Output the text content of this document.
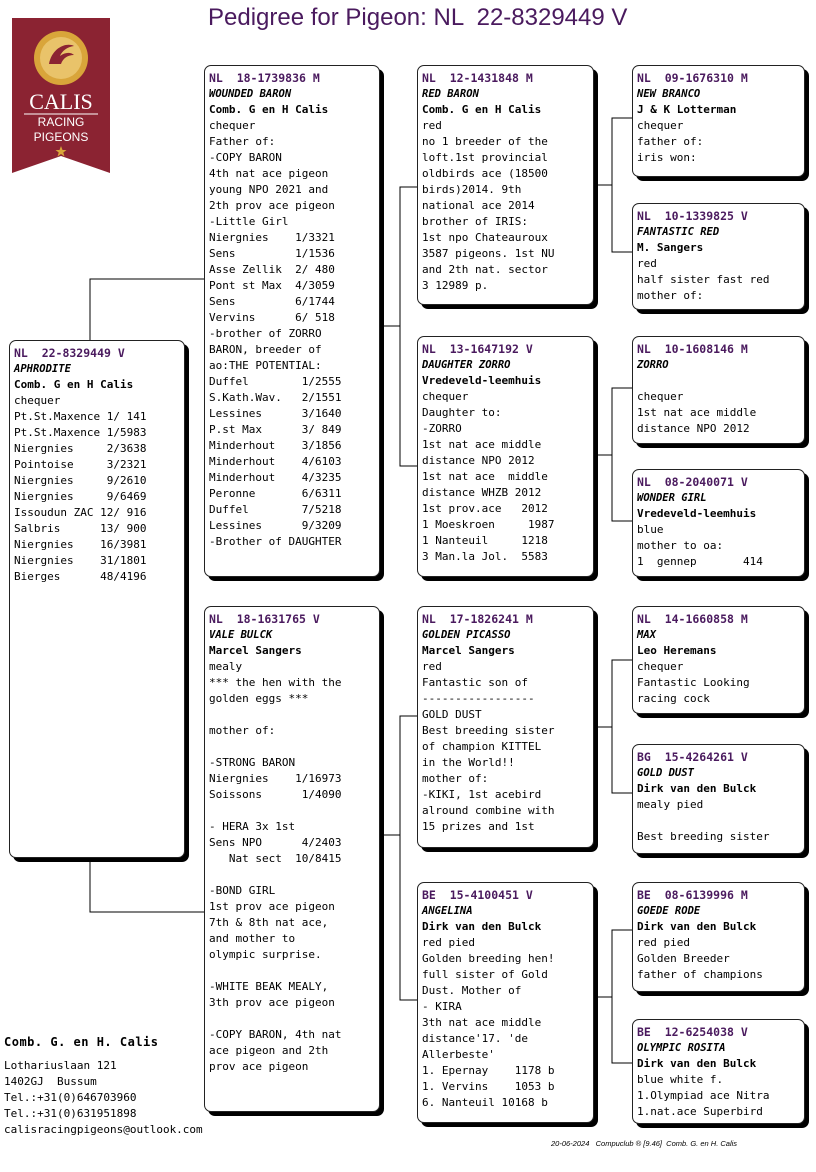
Pedigree for Pigeon: NL  22-8329449 V
CALIS
RACING
PIGEONS
NL  22-8329449 V
APHRODITE
Comb. G en H Calis
chequer
Pt.St.Maxence 1/ 141
Pt.St.Maxence 1/5983
Niergnies     2/3638
Pointoise     3/2321
Niergnies     9/2610
Niergnies     9/6469
Issoudun ZAC 12/ 916
Salbris      13/ 900
Niergnies    16/3981
Niergnies    31/1801
Bierges      48/4196
NL  18-1739836 M
WOUNDED BARON
Comb. G en H Calis
chequer
Father of:
-COPY BARON
4th nat ace pigeon
young NPO 2021 and
2th prov ace pigeon
-Little Girl
Niergnies    1/3321
Sens         1/1536
Asse Zellik  2/ 480
Pont st Max  4/3059
Sens         6/1744
Vervins      6/ 518
-brother of ZORRO
BARON, breeder of
ao:THE POTENTIAL:
Duffel        1/2555
S.Kath.Wav.   2/1551
Lessines      3/1640
P.st Max      3/ 849
Minderhout    3/1856
Minderhout    4/6103
Minderhout    4/3235
Peronne       6/6311
Duffel        7/5218
Lessines      9/3209
-Brother of DAUGHTER
NL  18-1631765 V
VALE BULCK
Marcel Sangers
mealy
*** the hen with the
golden eggs ***
mother of:
-STRONG BARON
Niergnies    1/16973
Soissons      1/4090
- HERA 3x 1st
Sens NPO      4/2403
Nat sect  10/8415
-BOND GIRL
1st prov ace pigeon
7th & 8th nat ace,
and mother to
olympic surprise.
-WHITE BEAK MEALY,
3th prov ace pigeon
-COPY BARON, 4th nat
ace pigeon and 2th
prov ace pigeon
NL  12-1431848 M
RED BARON
Comb. G en H Calis
red
no 1 breeder of the
loft.1st provincial
oldbirds ace (18500
birds)2014. 9th
national ace 2014
brother of IRIS:
1st npo Chateauroux
3587 pigeons. 1st NU
and 2th nat. sector
3 12989 p.
NL  13-1647192 V
DAUGHTER ZORRO
Vredeveld-leemhuis
chequer
Daughter to:
-ZORRO
1st nat ace middle
distance NPO 2012
1st nat ace  middle
distance WHZB 2012
1st prov.ace   2012
1 Moeskroen     1987
1 Nanteuil     1218
3 Man.la Jol.  5583
NL  17-1826241 M
GOLDEN PICASSO
Marcel Sangers
red
Fantastic son of
-----------------
GOLD DUST
Best breeding sister
of champion KITTEL
in the World!!
mother of:
-KIKI, 1st acebird
alround combine with
15 prizes and 1st
BE  15-4100451 V
ANGELINA
Dirk van den Bulck
red pied
Golden breeding hen!
full sister of Gold
Dust. Mother of
- KIRA
3th nat ace middle
distance'17. 'de
Allerbeste'
1. Epernay    1178 b
1. Vervins    1053 b
6. Nanteuil 10168 b
NL  09-1676310 M
NEW BRANCO
J & K Lotterman
chequer
father of:
iris won:
NL  10-1339825 V
FANTASTIC RED
M. Sangers
red
half sister fast red
mother of:
NL  10-1608146 M
ZORRO
chequer
1st nat ace middle
distance NPO 2012
NL  08-2040071 V
WONDER GIRL
Vredeveld-leemhuis
blue
mother to oa:
1  gennep       414
NL  14-1660858 M
MAX
Leo Heremans
chequer
Fantastic Looking
racing cock
BG  15-4264261 V
GOLD DUST
Dirk van den Bulck
mealy pied
Best breeding sister
BE  08-6139996 M
GOEDE RODE
Dirk van den Bulck
red pied
Golden Breeder
father of champions
BE  12-6254038 V
OLYMPIC ROSITA
Dirk van den Bulck
blue white f.
1.Olympiad ace Nitra
1.nat.ace Superbird
Comb. G. en H. Calis
Lothariuslaan 121
1402GJ  Bussum
Tel.:+31(0)646703960
Tel.:+31(0)631951898
calisracingpigeons@outlook.com
20-06-2024   Compuclub ® [9.46]  Comb. G. en H. Calis
